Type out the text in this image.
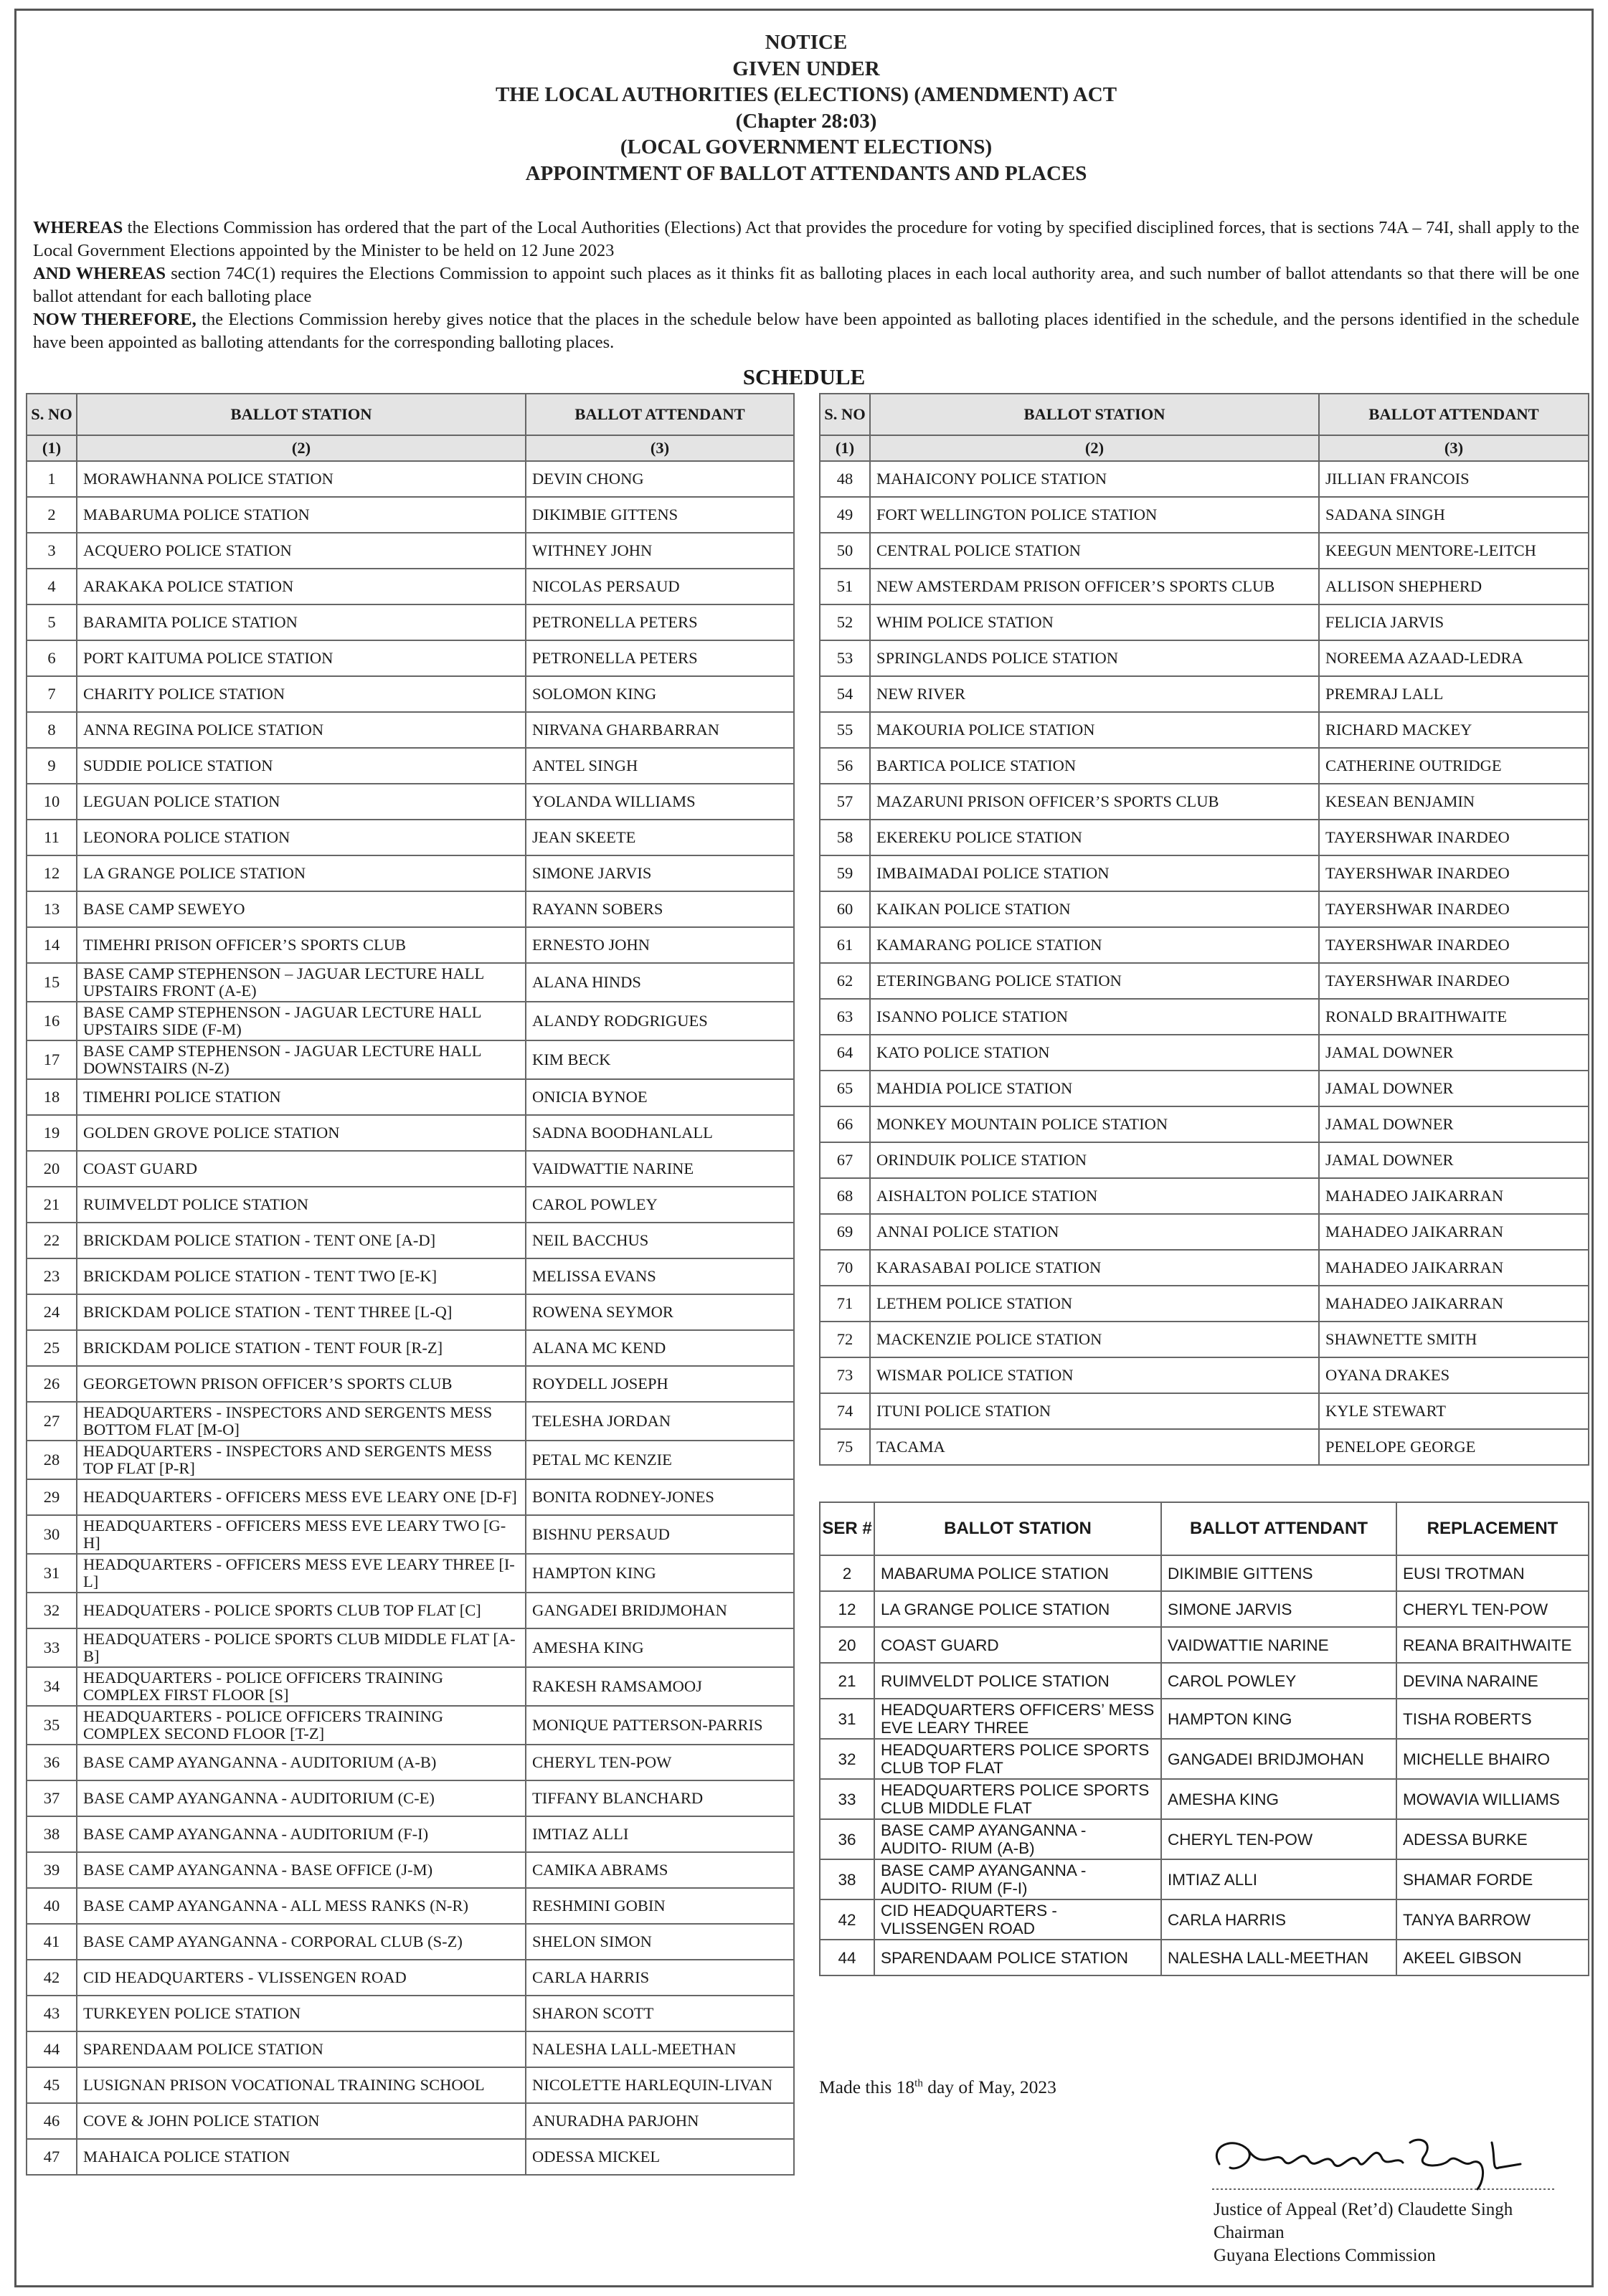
NOTICE
GIVEN UNDER
THE LOCAL AUTHORITIES (ELECTIONS) (AMENDMENT) ACT
(Chapter 28:03)
(LOCAL GOVERNMENT ELECTIONS)
APPOINTMENT OF BALLOT ATTENDANTS AND PLACES

WHEREAS the Elections Commission has ordered that the part of the Local Authorities (Elections) Act that provides the procedure for voting by specified disciplined forces, that is sections 74A – 74I, shall apply to the Local Government Elections appointed by the Minister to be held on 12 June 2023

AND WHEREAS section 74C(1) requires the Elections Commission to appoint such places as it thinks fit as balloting places in each local authority area, and such number of ballot attendants so that there will be one ballot attendant for each balloting place

NOW THEREFORE, the Elections Commission hereby gives notice that the places in the schedule below have been appointed as balloting places identified in the schedule, and the persons identified in the schedule have been appointed as balloting attendants for the corresponding balloting places.

SCHEDULE
S. NO	BALLOT STATION	BALLOT ATTENDANT
(1)	(2)	(3)
1	MORAWHANNA POLICE STATION	DEVIN CHONG
2	MABARUMA POLICE STATION	DIKIMBIE GITTENS
3	ACQUERO POLICE STATION	WITHNEY JOHN
4	ARAKAKA POLICE STATION	NICOLAS PERSAUD
5	BARAMITA POLICE STATION	PETRONELLA PETERS
6	PORT KAITUMA POLICE STATION	PETRONELLA PETERS
7	CHARITY POLICE STATION	SOLOMON KING
8	ANNA REGINA POLICE STATION	NIRVANA GHARBARRAN
9	SUDDIE POLICE STATION	ANTEL SINGH
10	LEGUAN POLICE STATION	YOLANDA WILLIAMS
11	LEONORA POLICE STATION	JEAN SKEETE
12	LA GRANGE POLICE STATION	SIMONE JARVIS
13	BASE CAMP SEWEYO	RAYANN SOBERS
14	TIMEHRI PRISON OFFICER’S SPORTS CLUB	ERNESTO JOHN
15	BASE CAMP STEPHENSON – JAGUAR LECTURE HALL UPSTAIRS FRONT (A-E)	ALANA HINDS
16	BASE CAMP STEPHENSON - JAGUAR LECTURE HALL UPSTAIRS SIDE (F-M)	ALANDY RODGRIGUES
17	BASE CAMP STEPHENSON - JAGUAR LECTURE HALL DOWNSTAIRS (N-Z)	KIM BECK
18	TIMEHRI POLICE STATION	ONICIA BYNOE
19	GOLDEN GROVE POLICE STATION	SADNA BOODHANLALL
20	COAST GUARD	VAIDWATTIE NARINE
21	RUIMVELDT POLICE STATION	CAROL POWLEY
22	BRICKDAM POLICE STATION - TENT ONE [A-D]	NEIL BACCHUS
23	BRICKDAM POLICE STATION - TENT TWO [E-K]	MELISSA EVANS
24	BRICKDAM POLICE STATION - TENT THREE [L-Q]	ROWENA SEYMOR
25	BRICKDAM POLICE STATION - TENT FOUR [R-Z]	ALANA MC KEND
26	GEORGETOWN PRISON OFFICER’S SPORTS CLUB	ROYDELL JOSEPH
27	HEADQUARTERS - INSPECTORS AND SERGENTS MESS BOTTOM FLAT [M-O]	TELESHA JORDAN
28	HEADQUARTERS - INSPECTORS AND SERGENTS MESS TOP FLAT [P-R]	PETAL MC KENZIE
29	HEADQUARTERS - OFFICERS MESS EVE LEARY ONE [D-F]	BONITA RODNEY-JONES
30	HEADQUARTERS - OFFICERS MESS EVE LEARY TWO [G-H]	BISHNU PERSAUD
31	HEADQUARTERS - OFFICERS MESS EVE LEARY THREE [I-L]	HAMPTON KING
32	HEADQUATERS - POLICE SPORTS CLUB TOP FLAT [C]	GANGADEI BRIDJMOHAN
33	HEADQUATERS - POLICE SPORTS CLUB MIDDLE FLAT [A-B]	AMESHA KING
34	HEADQUARTERS - POLICE OFFICERS TRAINING COMPLEX FIRST FLOOR [S]	RAKESH RAMSAMOOJ
35	HEADQUARTERS - POLICE OFFICERS TRAINING COMPLEX SECOND FLOOR [T-Z]	MONIQUE PATTERSON-PARRIS
36	BASE CAMP AYANGANNA - AUDITORIUM (A-B)	CHERYL TEN-POW
37	BASE CAMP AYANGANNA - AUDITORIUM (C-E)	TIFFANY BLANCHARD
38	BASE CAMP AYANGANNA - AUDITORIUM (F-I)	IMTIAZ ALLI
39	BASE CAMP AYANGANNA - BASE OFFICE (J-M)	CAMIKA ABRAMS
40	BASE CAMP AYANGANNA - ALL MESS RANKS (N-R)	RESHMINI GOBIN
41	BASE CAMP AYANGANNA - CORPORAL CLUB (S-Z)	SHELON SIMON
42	CID HEADQUARTERS - VLISSENGEN ROAD	CARLA HARRIS
43	TURKEYEN POLICE STATION	SHARON SCOTT
44	SPARENDAAM POLICE STATION	NALESHA LALL-MEETHAN
45	LUSIGNAN PRISON VOCATIONAL TRAINING SCHOOL	NICOLETTE HARLEQUIN-LIVAN
46	COVE & JOHN POLICE STATION	ANURADHA PARJOHN
47	MAHAICA POLICE STATION	ODESSA MICKEL
S. NO	BALLOT STATION	BALLOT ATTENDANT
(1)	(2)	(3)
48	MAHAICONY POLICE STATION	JILLIAN FRANCOIS
49	FORT WELLINGTON POLICE STATION	SADANA SINGH
50	CENTRAL POLICE STATION	KEEGUN MENTORE-LEITCH
51	NEW AMSTERDAM PRISON OFFICER’S SPORTS CLUB	ALLISON SHEPHERD
52	WHIM POLICE STATION	FELICIA JARVIS
53	SPRINGLANDS POLICE STATION	NOREEMA AZAAD-LEDRA
54	NEW RIVER	PREMRAJ LALL
55	MAKOURIA POLICE STATION	RICHARD MACKEY
56	BARTICA POLICE STATION	CATHERINE OUTRIDGE
57	MAZARUNI PRISON OFFICER’S SPORTS CLUB	KESEAN BENJAMIN
58	EKEREKU POLICE STATION	TAYERSHWAR INARDEO
59	IMBAIMADAI POLICE STATION	TAYERSHWAR INARDEO
60	KAIKAN POLICE STATION	TAYERSHWAR INARDEO
61	KAMARANG POLICE STATION	TAYERSHWAR INARDEO
62	ETERINGBANG POLICE STATION	TAYERSHWAR INARDEO
63	ISANNO POLICE STATION	RONALD BRAITHWAITE
64	KATO POLICE STATION	JAMAL DOWNER
65	MAHDIA POLICE STATION	JAMAL DOWNER
66	MONKEY MOUNTAIN POLICE STATION	JAMAL DOWNER
67	ORINDUIK POLICE STATION	JAMAL DOWNER
68	AISHALTON POLICE STATION	MAHADEO JAIKARRAN
69	ANNAI POLICE STATION	MAHADEO JAIKARRAN
70	KARASABAI POLICE STATION	MAHADEO JAIKARRAN
71	LETHEM POLICE STATION	MAHADEO JAIKARRAN
72	MACKENZIE POLICE STATION	SHAWNETTE SMITH
73	WISMAR POLICE STATION	OYANA DRAKES
74	ITUNI POLICE STATION	KYLE STEWART
75	TACAMA	PENELOPE GEORGE
SER #	BALLOT STATION	BALLOT ATTENDANT	REPLACEMENT
2	MABARUMA POLICE STATION	DIKIMBIE GITTENS	EUSI TROTMAN
12	LA GRANGE POLICE STATION	SIMONE JARVIS	CHERYL TEN-POW
20	COAST GUARD	VAIDWATTIE NARINE	REANA BRAITHWAITE
21	RUIMVELDT POLICE STATION	CAROL POWLEY	DEVINA NARAINE
31	HEADQUARTERS OFFICERS’ MESS EVE LEARY THREE	HAMPTON KING	TISHA ROBERTS
32	HEADQUARTERS POLICE SPORTS CLUB TOP FLAT	GANGADEI BRIDJMOHAN	MICHELLE BHAIRO
33	HEADQUARTERS POLICE SPORTS CLUB MIDDLE FLAT	AMESHA KING	MOWAVIA WILLIAMS
36	BASE CAMP AYANGANNA - AUDITO- RIUM (A-B)	CHERYL TEN-POW	ADESSA BURKE
38	BASE CAMP AYANGANNA - AUDITO- RIUM (F-I)	IMTIAZ ALLI	SHAMAR FORDE
42	CID HEADQUARTERS - VLISSENGEN ROAD	CARLA HARRIS	TANYA BARROW
44	SPARENDAAM POLICE STATION	NALESHA LALL-MEETHAN	AKEEL GIBSON
Made this 18th day of May, 2023
Justice of Appeal (Ret’d) Claudette Singh
Chairman
Guyana Elections Commission
